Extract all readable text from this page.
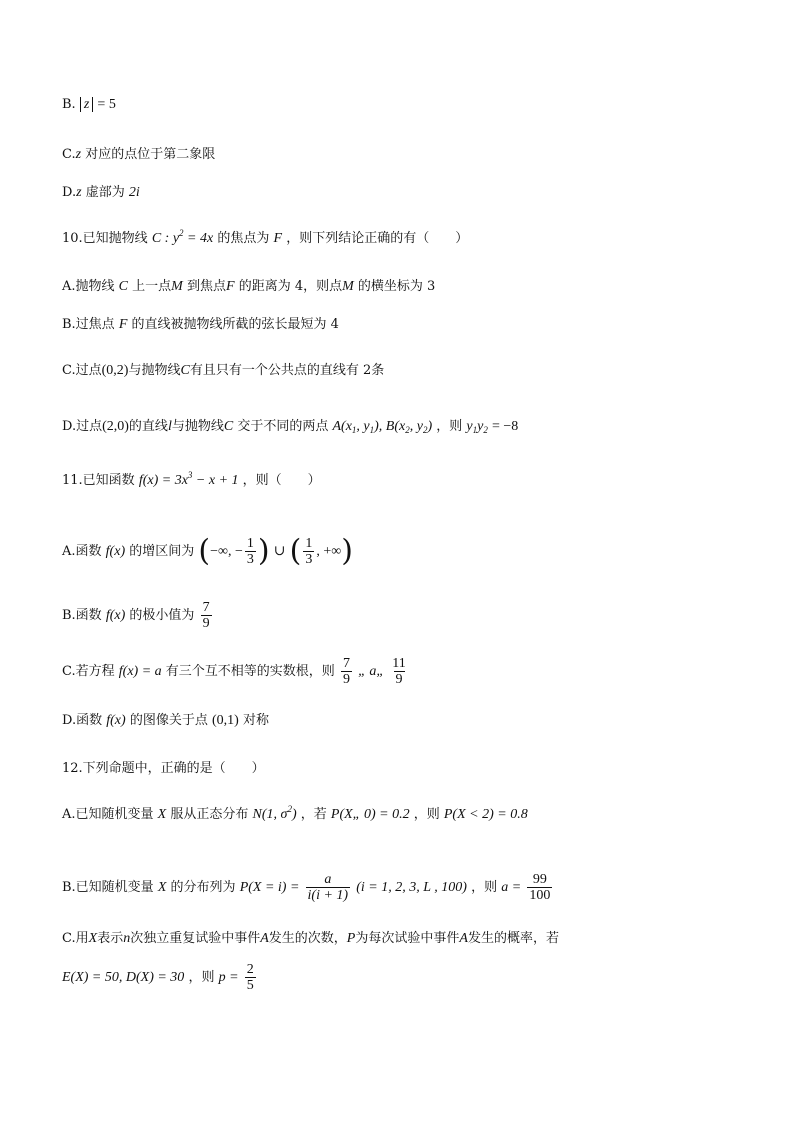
B. z = 5
C.z 对应的点位于第二象限
D.z 虚部为 2i
10.已知抛物线 C : $y^2 = 4x$ 的焦点为 F ，则下列结论正确的有（　　）
A.抛物线 C 上一点M 到焦点F 的距离为 4，则点M 的横坐标为 3
B.过焦点 F 的直线被抛物线所截的弦长最短为 4
C.过点(0,2)与抛物线C有且只有一个公共点的直线有 2条
D.过点(2,0)的直线l与抛物线C 交于不同的两点 $A(x_1$, $y_1$), $B(x_2$, $y_2$) ，则 $y_1y_2 = -8$
11.已知函数 $f(x) = 3x^3 - x + 1$ ，则（　　）
A.函数 f(x) 的增区间为 (−∞, − $\frac{1}{3}$ ) ∪ ( $\frac{1}{3}$ , +∞)
B.函数 f(x) 的极小值为 $\frac{7}{9}$
C.若方程 f(x) = a 有三个互不相等的实数根，则 $\frac{7}{9}$ „ a„ $\frac{11}{9}$
D.函数 f(x) 的图像关于点 (0,1) 对称
12.下列命题中，正确的是（　　）
A.已知随机变量 X 服从正态分布 N(1, $\sigma^2$) ，若 P(X„ 0) = 0.2 ，则 P(X < 2) = 0.8
B.已知随机变量 X 的分布列为 $P(X = i) = \frac{a}{i(i + 1)} (i = 1$, 2, 3, L , 100) ，则 $a = \frac{99}{100}$
C.用X表示n次独立重复试验中事件A发生的次数，P为每次试验中事件A发生的概率，若
E(X) = 50, D(X) = 30 ，则 $p = \frac{2}{5}$
